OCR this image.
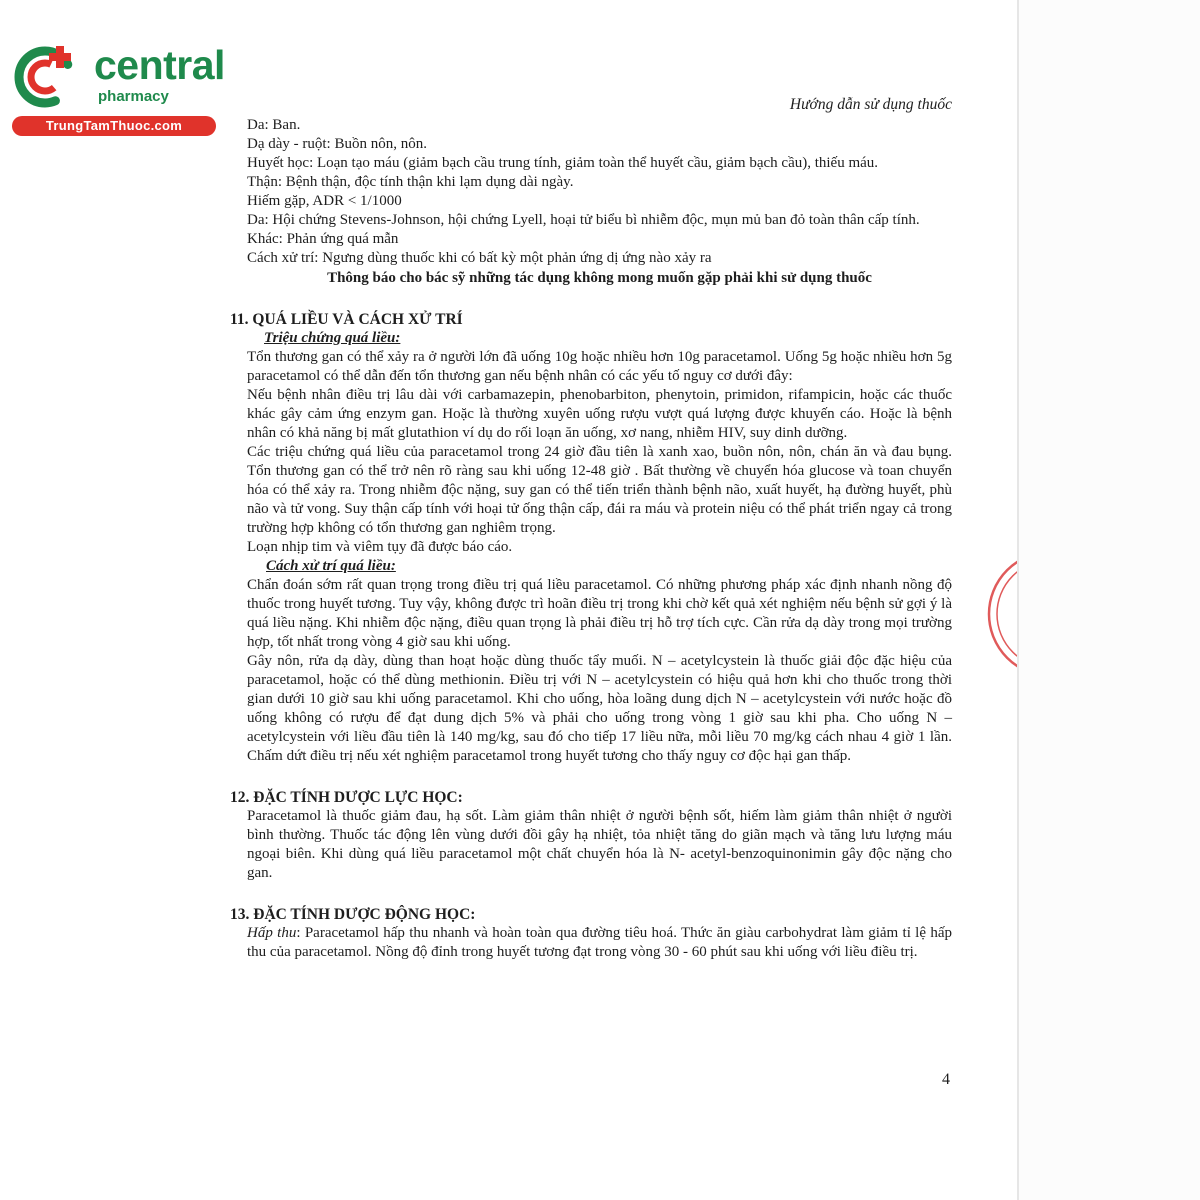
central
pharmacy
TrungTamThuoc.com
Hướng dẫn sử dụng thuốc

Da: Ban.

Dạ dày - ruột: Buồn nôn, nôn.

Huyết học: Loạn tạo máu (giảm bạch cầu trung tính, giảm toàn thể huyết cầu, giảm bạch cầu), thiếu máu.

Thận: Bệnh thận, độc tính thận khi lạm dụng dài ngày.

Hiếm gặp, ADR < 1/1000

Da: Hội chứng Stevens-Johnson, hội chứng Lyell, hoại tử biểu bì nhiễm độc, mụn mủ ban đỏ toàn thân cấp tính.

Khác: Phản ứng quá mẫn

Cách xử trí: Ngưng dùng thuốc khi có bất kỳ một phản ứng dị ứng nào xảy ra

Thông báo cho bác sỹ những tác dụng không mong muốn gặp phải khi sử dụng thuốc

11. QUÁ LIỀU VÀ CÁCH XỬ TRÍ

Triệu chứng quá liều:

Tổn thương gan có thể xảy ra ở người lớn đã uống 10g hoặc nhiều hơn 10g paracetamol. Uống 5g hoặc nhiều hơn 5g paracetamol có thể dẫn đến tổn thương gan nếu bệnh nhân có các yếu tố nguy cơ dưới đây:

Nếu bệnh nhân điều trị lâu dài với carbamazepin, phenobarbiton, phenytoin, primidon, rifampicin, hoặc các thuốc khác gây cảm ứng enzym gan. Hoặc là thường xuyên uống rượu vượt quá lượng được khuyến cáo. Hoặc là bệnh nhân có khả năng bị mất glutathion ví dụ do rối loạn ăn uống, xơ nang, nhiễm HIV, suy dinh dưỡng.

Các triệu chứng quá liều của paracetamol trong 24 giờ đầu tiên là xanh xao, buồn nôn, nôn, chán ăn và đau bụng. Tổn thương gan có thể trở nên rõ ràng sau khi uống 12-48 giờ . Bất thường về chuyển hóa glucose và toan chuyển hóa có thể xảy ra. Trong nhiễm độc nặng, suy gan có thể tiến triển thành bệnh não, xuất huyết, hạ đường huyết, phù não và tử vong. Suy thận cấp tính với hoại tử ống thận cấp, đái ra máu và protein niệu có thể phát triển ngay cả trong trường hợp không có tổn thương gan nghiêm trọng.

Loạn nhịp tim và viêm tụy đã được báo cáo.

Cách xử trí quá liều:

Chẩn đoán sớm rất quan trọng trong điều trị quá liều paracetamol. Có những phương pháp xác định nhanh nồng độ thuốc trong huyết tương. Tuy vậy, không được trì hoãn điều trị trong khi chờ kết quả xét nghiệm nếu bệnh sử gợi ý là quá liều nặng. Khi nhiễm độc nặng, điều quan trọng là phải điều trị hỗ trợ tích cực. Cần rửa dạ dày trong mọi trường hợp, tốt nhất trong vòng 4 giờ sau khi uống.

Gây nôn, rửa dạ dày, dùng than hoạt hoặc dùng thuốc tẩy muối. N – acetylcystein là thuốc giải độc đặc hiệu của paracetamol, hoặc có thể dùng methionin. Điều trị với N – acetylcystein có hiệu quả hơn khi cho thuốc trong thời gian dưới 10 giờ sau khi uống paracetamol. Khi cho uống, hòa loãng dung dịch N – acetylcystein với nước hoặc đồ uống không có rượu để đạt dung dịch 5% và phải cho uống trong vòng 1 giờ sau khi pha. Cho uống N – acetylcystein với liều đầu tiên là 140 mg/kg, sau đó cho tiếp 17 liều nữa, mỗi liều 70 mg/kg cách nhau 4 giờ 1 lần. Chấm dứt điều trị nếu xét nghiệm paracetamol trong huyết tương cho thấy nguy cơ độc hại gan thấp.

12. ĐẶC TÍNH DƯỢC LỰC HỌC:

Paracetamol là thuốc giảm đau, hạ sốt. Làm giảm thân nhiệt ở người bệnh sốt, hiếm làm giảm thân nhiệt ở người bình thường. Thuốc tác động lên vùng dưới đồi gây hạ nhiệt, tỏa nhiệt tăng do giãn mạch và tăng lưu lượng máu ngoại biên. Khi dùng quá liều paracetamol một chất chuyển hóa là N- acetyl-benzoquinonimin gây độc nặng cho gan.

13. ĐẶC TÍNH DƯỢC ĐỘNG HỌC:

Hấp thu: Paracetamol hấp thu nhanh và hoàn toàn qua đường tiêu hoá. Thức ăn giàu carbohydrat làm giảm tỉ lệ hấp thu của paracetamol. Nồng độ đỉnh trong huyết tương đạt trong vòng 30 - 60 phút sau khi uống với liều điều trị.

4
